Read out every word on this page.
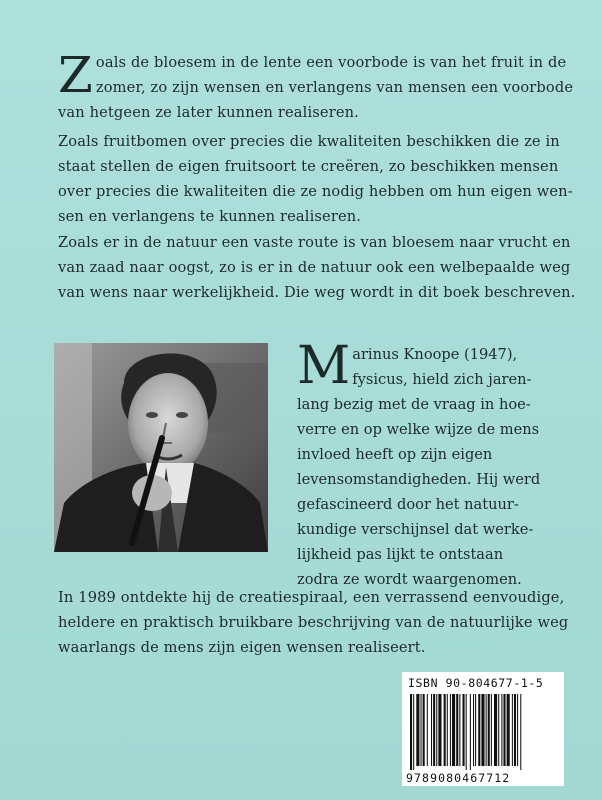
Z oals de bloesem in de lente een voorbode is van het fruit in de
zomer, zo zijn wensen en verlangens van mensen een voorbode
van hetgeen ze later kunnen realiseren.

Zoals fruitbomen over precies die kwaliteiten beschikken die ze in
staat stellen de eigen fruitsoort te creëren, zo beschikken mensen
over precies die kwaliteiten die ze nodig hebben om hun eigen wen-
sen en verlangens te kunnen realiseren.

Zoals er in de natuur een vaste route is van bloesem naar vrucht en
van zaad naar oogst, zo is er in de natuur ook een welbepaalde weg
van wens naar werkelijkheid. Die weg wordt in dit boek beschreven.

M arinus Knoope (1947),
fysicus, hield zich jaren-
lang bezig met de vraag in hoe-
verre en op welke wijze de mens
invloed heeft op zijn eigen
levensomstandigheden. Hij werd
gefascineerd door het natuur-
kundige verschijnsel dat werke-
lijkheid pas lijkt te ontstaan
zodra ze wordt waargenomen.

In 1989 ontdekte hij de creatiespiraal, een verrassend eenvoudige,
heldere en praktisch bruikbare beschrijving van de natuurlijke weg
waarlangs de mens zijn eigen wensen realiseert.

ISBN 90-804677-1-5
9789080467712
